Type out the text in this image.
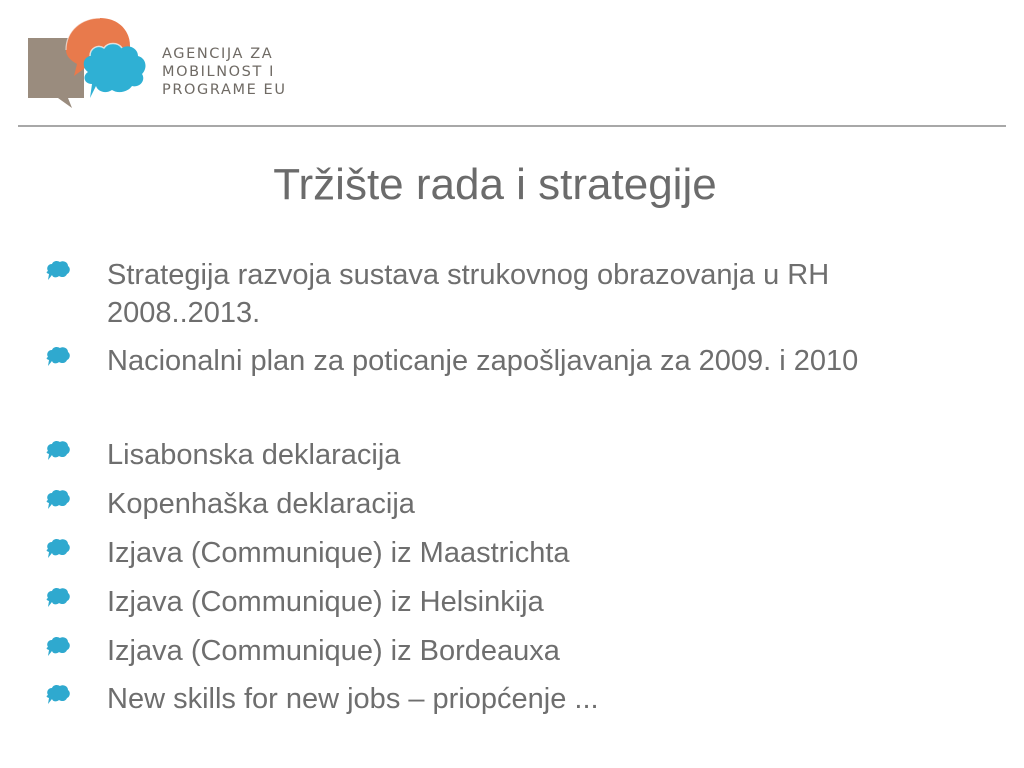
AGENCIJA ZA
MOBILNOST I
PROGRAME EU
Tržište rada i strategije
Strategija razvoja sustava strukovnog obrazovanja u RH 2008..2013.
Nacionalni plan za poticanje zapošljavanja za 2009. i 2010
Lisabonska deklaracija
Kopenhaška deklaracija
Izjava (Communique) iz Maastrichta
Izjava (Communique) iz Helsinkija
Izjava (Communique) iz Bordeauxa
New skills for new jobs – priopćenje ...
